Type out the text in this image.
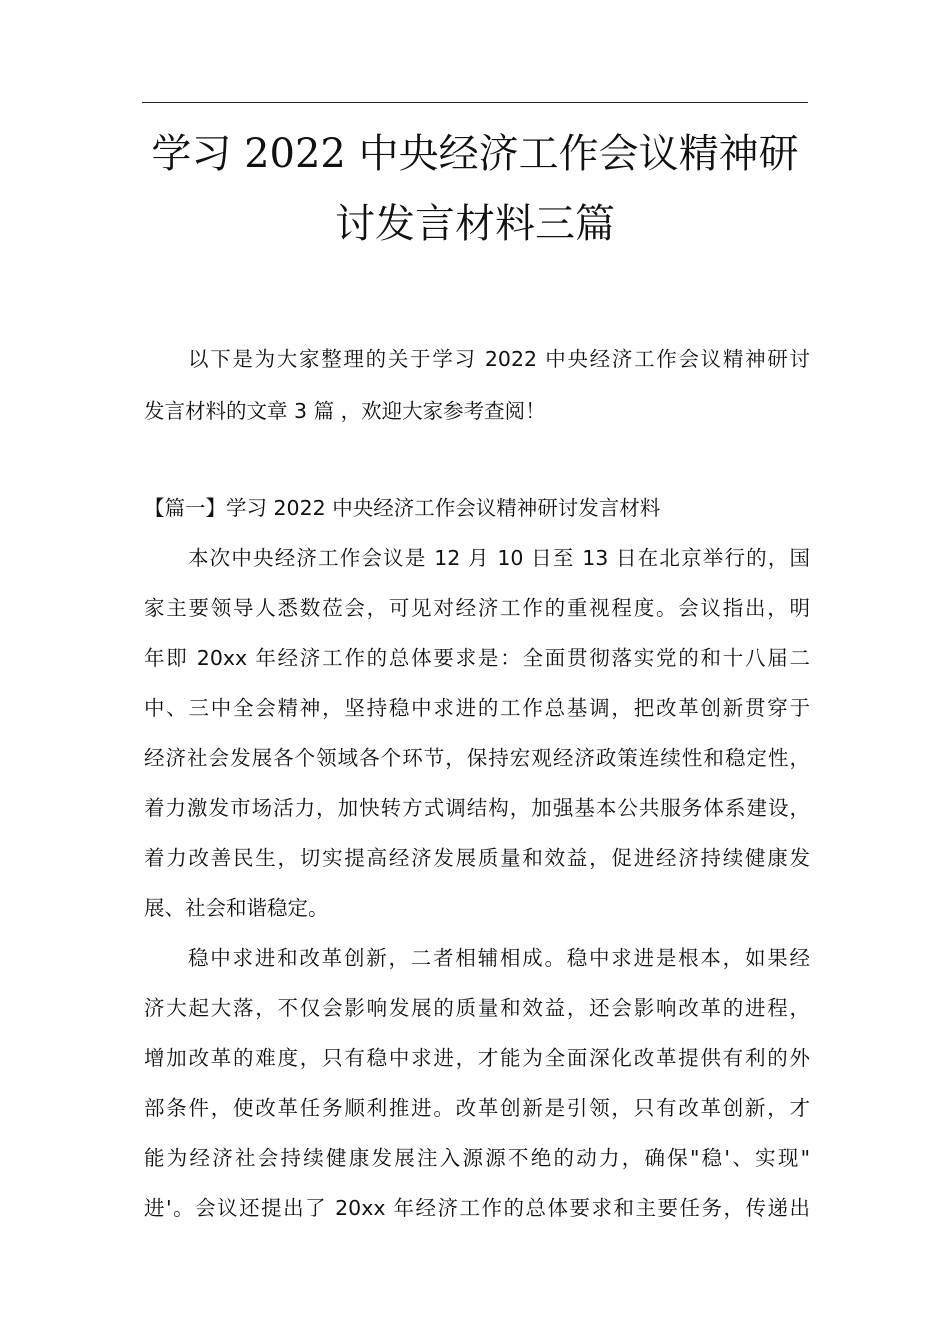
学习 2022 中央经济工作会议精神研
讨发言材料三篇
以下是为大家整理的关于学习 2022 中央经济工作会议精神研讨
发言材料的文章 3 篇 ，欢迎大家参考查阅！
【篇一】学习 2022 中央经济工作会议精神研讨发言材料
本次中央经济工作会议是 12 月 10 日至 13 日在北京举行的，国
家主要领导人悉数莅会，可见对经济工作的重视程度。会议指出，明
年即 20xx 年经济工作的总体要求是：全面贯彻落实党的和十八届二
中、三中全会精神，坚持稳中求进的工作总基调，把改革创新贯穿于
经济社会发展各个领域各个环节，保持宏观经济政策连续性和稳定性，
着力激发市场活力，加快转方式调结构，加强基本公共服务体系建设，
着力改善民生，切实提高经济发展质量和效益，促进经济持续健康发
展、社会和谐稳定。
稳中求进和改革创新，二者相辅相成。稳中求进是根本，如果经
济大起大落，不仅会影响发展的质量和效益，还会影响改革的进程，
增加改革的难度，只有稳中求进，才能为全面深化改革提供有利的外
部条件，使改革任务顺利推进。改革创新是引领，只有改革创新，才
能为经济社会持续健康发展注入源源不绝的动力，确保"稳'、实现"
进'。会议还提出了 20xx 年经济工作的总体要求和主要任务，传递出
